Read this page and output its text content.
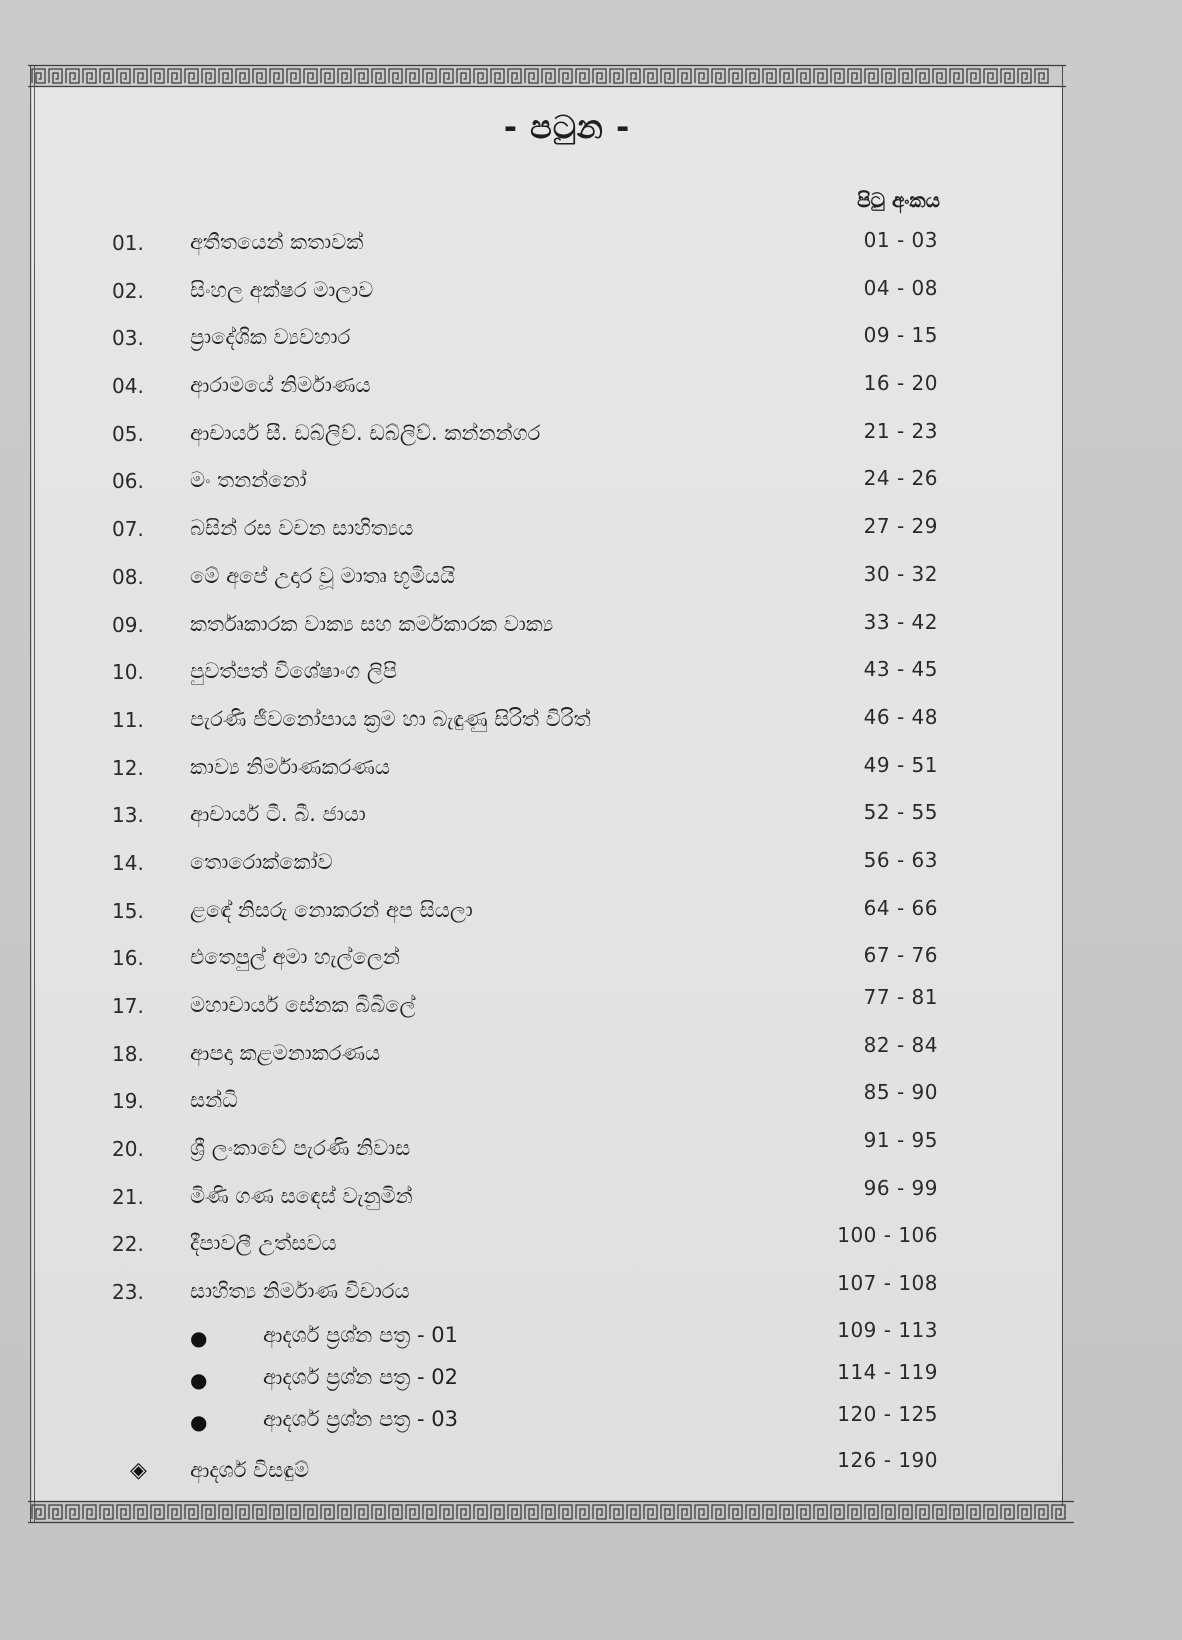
- පටුන -
පිටු අංකය
01. අතීතයෙන් කතාවක්	01 - 03
02. සිංහල අක්ෂර මාලාව	04 - 08
03. ප්‍රාදේශික ව්‍යවහාර	09 - 15
04. ආරාමයේ නිර්මාණය	16 - 20
05. ආචාර්ය සී. ඩබ්ලිව්. ඩබ්ලිව්. කන්නන්ගර	21 - 23
06. මං තනන්නෝ	24 - 26
07. බසින් රස වචන සාහිත්‍යය	27 - 29
08. මේ අපේ උදාර වූ මාතෘ භූමියයි	30 - 32
09. කර්තෘකාරක වාක්‍ය සහ කර්මකාරක වාක්‍ය	33 - 42
10. පුවත්පත් විශේෂාංග ලිපි	43 - 45
11. පැරණි ජීවනෝපාය ක්‍රම හා බැඳුණු සිරිත් විරිත්	46 - 48
12. කාව්‍ය නිර්මාණකරණය	49 - 51
13. ආචාර්ය ටී. බී. ජායා	52 - 55
14. තොරොක්කෝව	56 - 63
15. ළඳේ නිසරු නොකරන් අප සියලා	64 - 66
16. එතෙපුල් අමා හැල්ලෙන්	67 - 76
17. මහාචාර්ය සේනක බිබිලේ	77 - 81
18. ආපදා කළමනාකරණය	82 - 84
19. සන්ධි	85 - 90
20. ශ්‍රී ලංකාවේ පැරණි නිවාස	91 - 95
21. මිණි ගණ සඳෙස් වැනුමින්	96 - 99
22. දීපාවලී උත්සවය	100 - 106
23. සාහිත්‍ය නිර්මාණ විචාරය	107 - 108
●	ආදර්ශ ප්‍රශ්න පත්‍ර - 01	109 - 113
●	ආදර්ශ ප්‍රශ්න පත්‍ර - 02	114 - 119
●	ආදර්ශ ප්‍රශ්න පත්‍ර - 03	120 - 125
◈ ආදර්ශ විසඳුම්	126 - 190
